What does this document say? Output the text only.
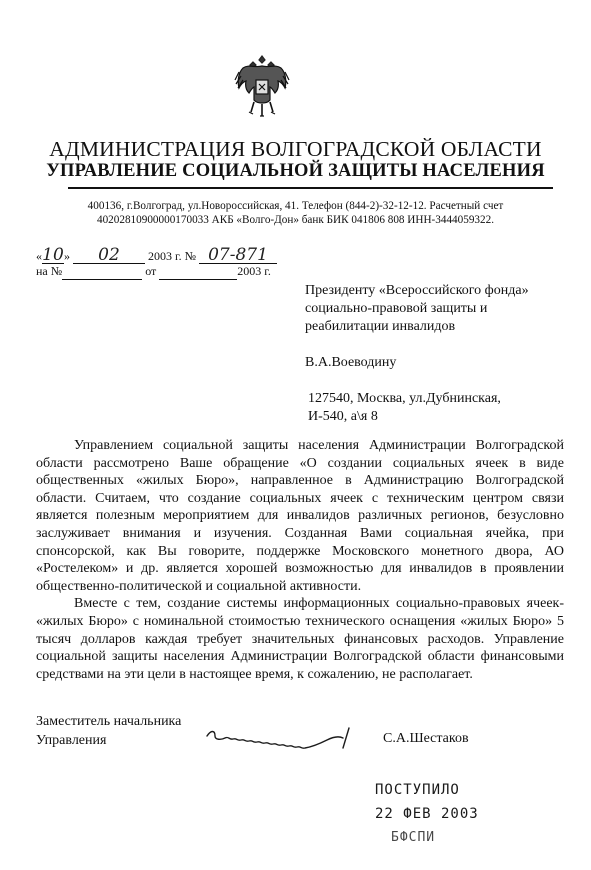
АДМИНИСТРАЦИЯ ВОЛГОГРАДСКОЙ ОБЛАСТИ
УПРАВЛЕНИЕ СОЦИАЛЬНОЙ ЗАЩИТЫ НАСЕЛЕНИЯ
400136, г.Волгоград, ул.Новороссийская, 41. Телефон (844-2)-32-12-12. Расчетный счет
40202810900000170033 АКБ «Волго-Дон» банк БИК 041806 808 ИНН-3444059322.
«10» 02 2003 г. № 07-871
на №	от	2003 г.

Президенту «Всероссийского фонда»

социально-правовой защиты и

реабилитации инвалидов

В.А.Воеводину

127540, Москва, ул.Дубнинская,

И-540, а\я 8

Управлением социальной защиты населения Администрации Волгоградской области рассмотрено Ваше обращение «О создании социальных ячеек в виде общественных «жилых Бюро», направленное в Администрацию Волгоградской области. Считаем, что создание социальных ячеек с техническим центром связи является полезным мероприятием для инвалидов различных регионов, безусловно заслуживает внимания и изучения. Созданная Вами социальная ячейка, при спонсорской, как Вы говорите, поддержке Московского монетного двора, АО «Ростелеком» и др. является хорошей возможностью для инвалидов в проявлении общественно-политической и социальной активности.

Вместе с тем, создание системы информационных социально-правовых ячеек- «жилых Бюро» с номинальной стоимостью технического оснащения «жилых Бюро» 5 тысяч долларов каждая требует значительных финансовых расходов. Управление социальной защиты населения Администрации Волгоградской области финансовыми средствами на эти цели в настоящее время, к сожалению, не располагает.

Заместитель начальника

Управления	С.А.Шестаков

ПОСТУПИЛО

22 ФЕВ 2003

БФСПИ
